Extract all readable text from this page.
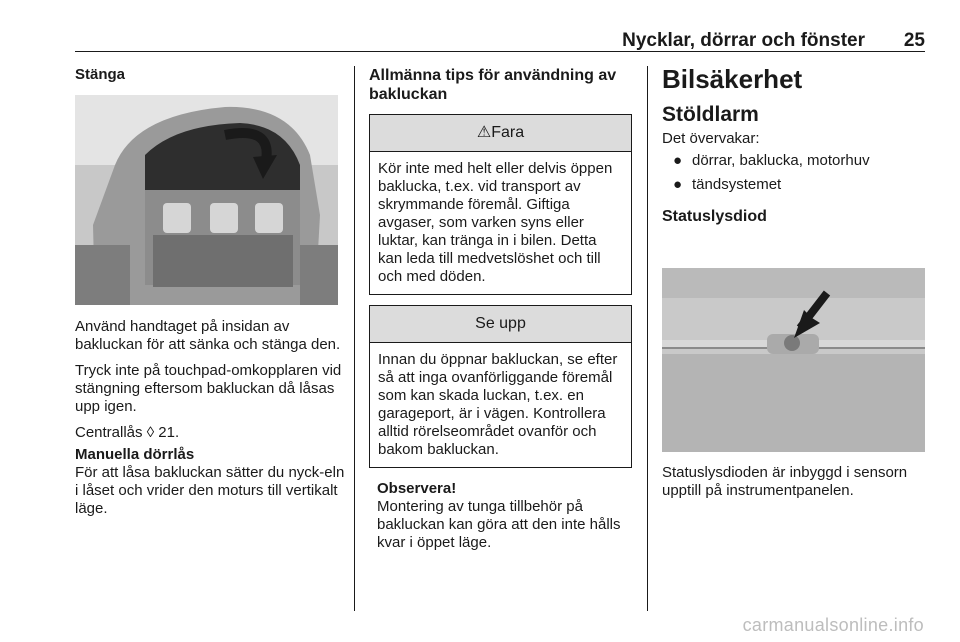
Nycklar, dörrar och fönster 25

Stänga

Använd handtaget på insidan av bakluckan för att sänka och stänga den.

Tryck inte på touchpad-omkopplaren vid stängning eftersom bakluckan då låsas upp igen.

Centrallås ◊ 21.

Manuella dörrlås

För att låsa bakluckan sätter du nyck-eln i låset och vrider den moturs till vertikalt läge.

Allmänna tips för användning av bakluckan

⚠Fara
Kör inte med helt eller delvis öppen baklucka, t.ex. vid transport av skrymmande föremål. Giftiga avgaser, som varken syns eller luktar, kan tränga in i bilen. Detta kan leda till medvetslöshet och till och med döden.
Se upp
Innan du öppnar bakluckan, se efter så att inga ovanförliggande föremål som kan skada luckan, t.ex. en garageport, är i vägen. Kontrollera alltid rörelseområdet ovanför och bakom bakluckan.

Observera!

Montering av tunga tillbehör på bakluckan kan göra att den inte hålls kvar i öppet läge.

Bilsäkerhet

Stöldlarm

Det övervakar:

● dörrar, baklucka, motorhuv

● tändsystemet

Statuslysdiod

Statuslysdioden är inbyggd i sensorn upptill på instrumentpanelen.

carmanualsonline.info
